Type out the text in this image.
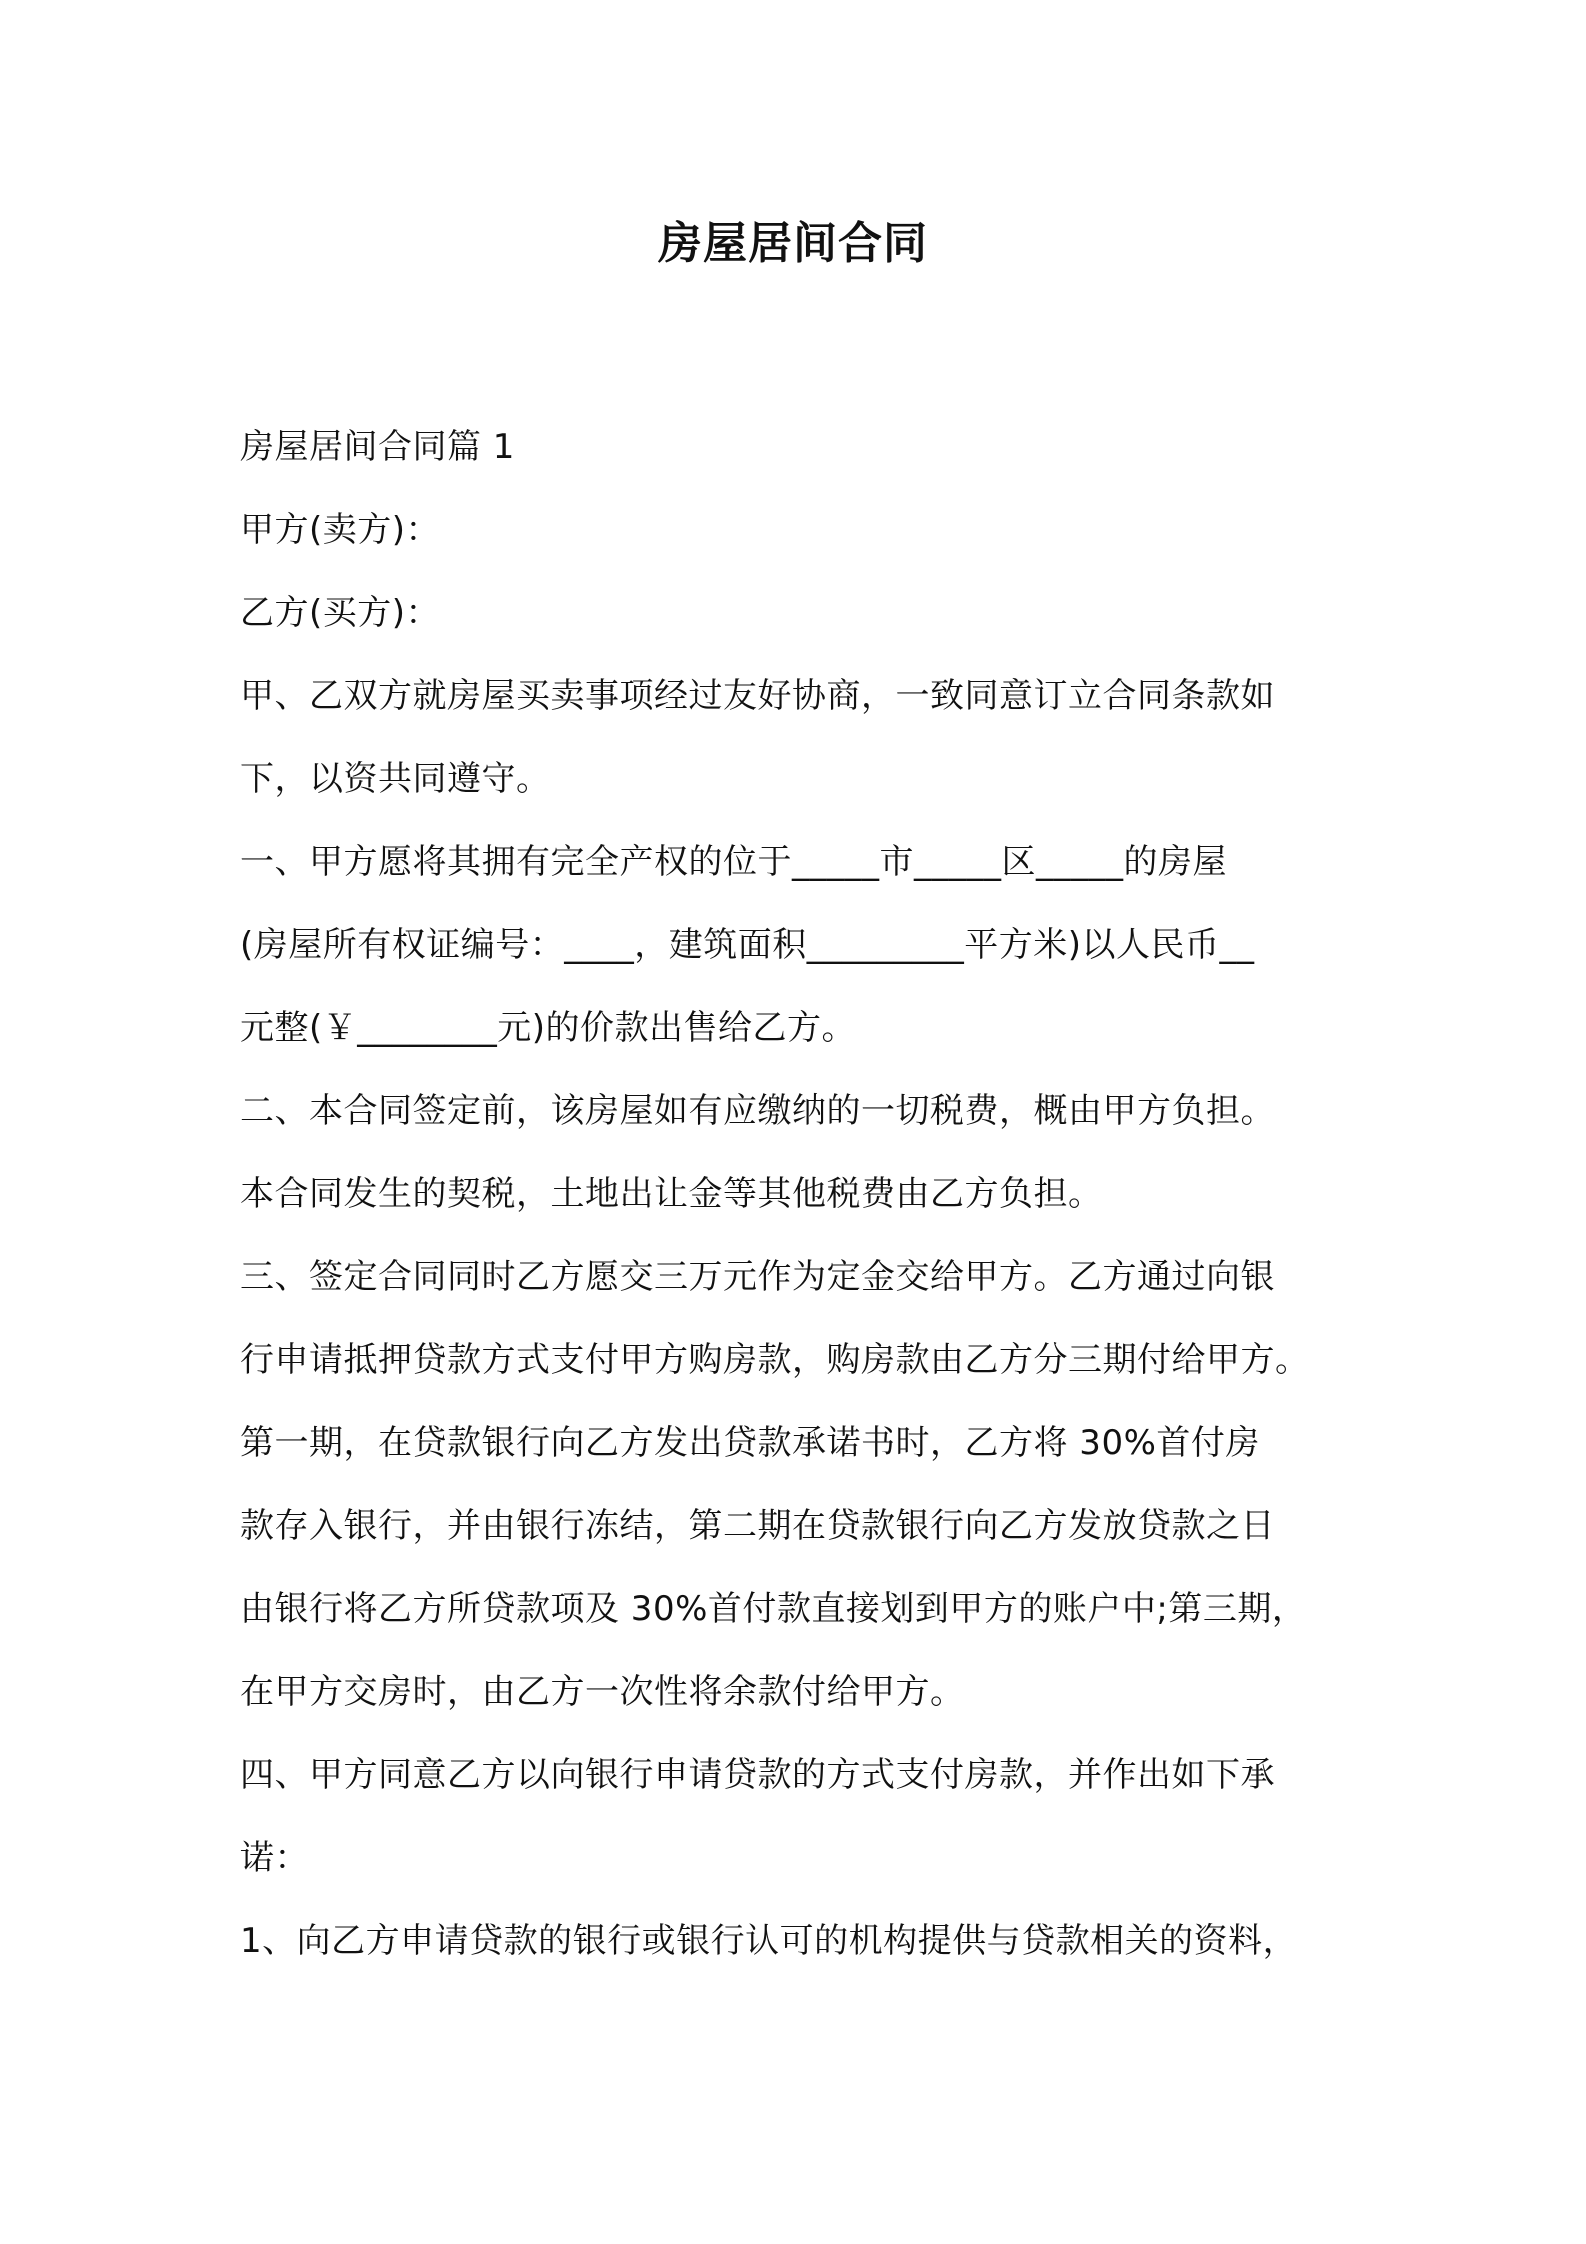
房屋居间合同
房屋居间合同篇 1
甲方(卖方)：
乙方(买方)：
甲、乙双方就房屋买卖事项经过友好协商，一致同意订立合同条款如
下，以资共同遵守。
一、甲方愿将其拥有完全产权的位于_____市_____区_____的房屋
(房屋所有权证编号：____，建筑面积_________平方米)以人民币__
元整(￥________元)的价款出售给乙方。
二、本合同签定前，该房屋如有应缴纳的一切税费，概由甲方负担。
本合同发生的契税，土地出让金等其他税费由乙方负担。
三、签定合同同时乙方愿交三万元作为定金交给甲方。乙方通过向银
行申请抵押贷款方式支付甲方购房款，购房款由乙方分三期付给甲方。
第一期，在贷款银行向乙方发出贷款承诺书时，乙方将 30%首付房
款存入银行，并由银行冻结，第二期在贷款银行向乙方发放贷款之日
由银行将乙方所贷款项及 30%首付款直接划到甲方的账户中;第三期，
在甲方交房时，由乙方一次性将余款付给甲方。
四、甲方同意乙方以向银行申请贷款的方式支付房款，并作出如下承
诺：
1、向乙方申请贷款的银行或银行认可的机构提供与贷款相关的资料，
